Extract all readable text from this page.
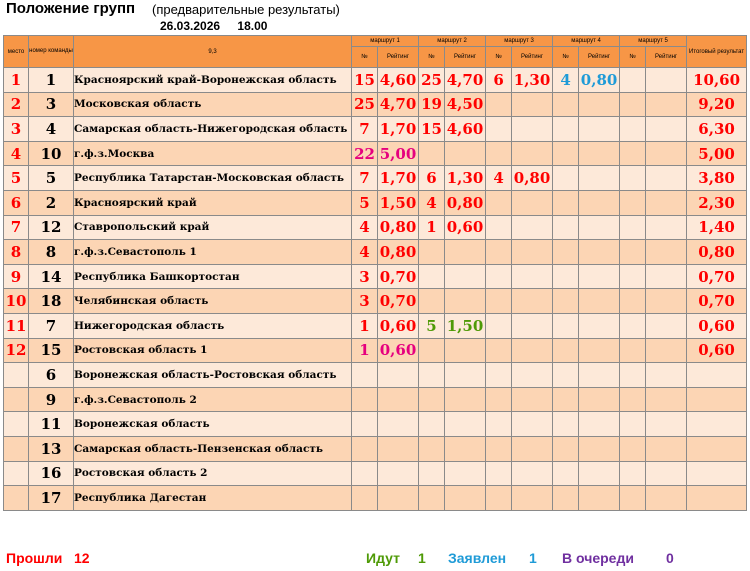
Положение групп (предварительные результаты)
26.03.2026 18.00
место	номер команды	9,3	маршрут 1		маршрут 2		маршрут 3		маршрут 4		маршрут 5		Итоговый результат
			№	Рейтинг	№	Рейтинг	№	Рейтинг	№	Рейтинг	№	Рейтинг	
1	1	Красноярский край-Воронежская область	15	4,60	25	4,70	6	1,30	4	0,80			10,60
2	3	Московская область	25	4,70	19	4,50							9,20
3	4	Самарская область-Нижегородская область	7	1,70	15	4,60							6,30
4	10	г.ф.з.Москва	22	5,00									5,00
5	5	Республика Татарстан-Московская область	7	1,70	6	1,30	4	0,80					3,80
6	2	Красноярский край	5	1,50	4	0,80							2,30
7	12	Ставропольский край	4	0,80	1	0,60							1,40
8	8	г.ф.з.Севастополь 1	4	0,80									0,80
9	14	Республика Башкортостан	3	0,70									0,70
10	18	Челябинская область	3	0,70									0,70
11	7	Нижегородская область	1	0,60	5	1,50							0,60
12	15	Ростовская область 1	1	0,60									0,60
	6	Воронежская область-Ростовская область											
	9	г.ф.з.Севастополь 2											
	11	Воронежская область											
	13	Самарская область-Пензенская область											
	16	Ростовская область 2											
	17	Республика Дагестан											
Прошли 12	Идут 1 Заявлен 1 В очереди 0
